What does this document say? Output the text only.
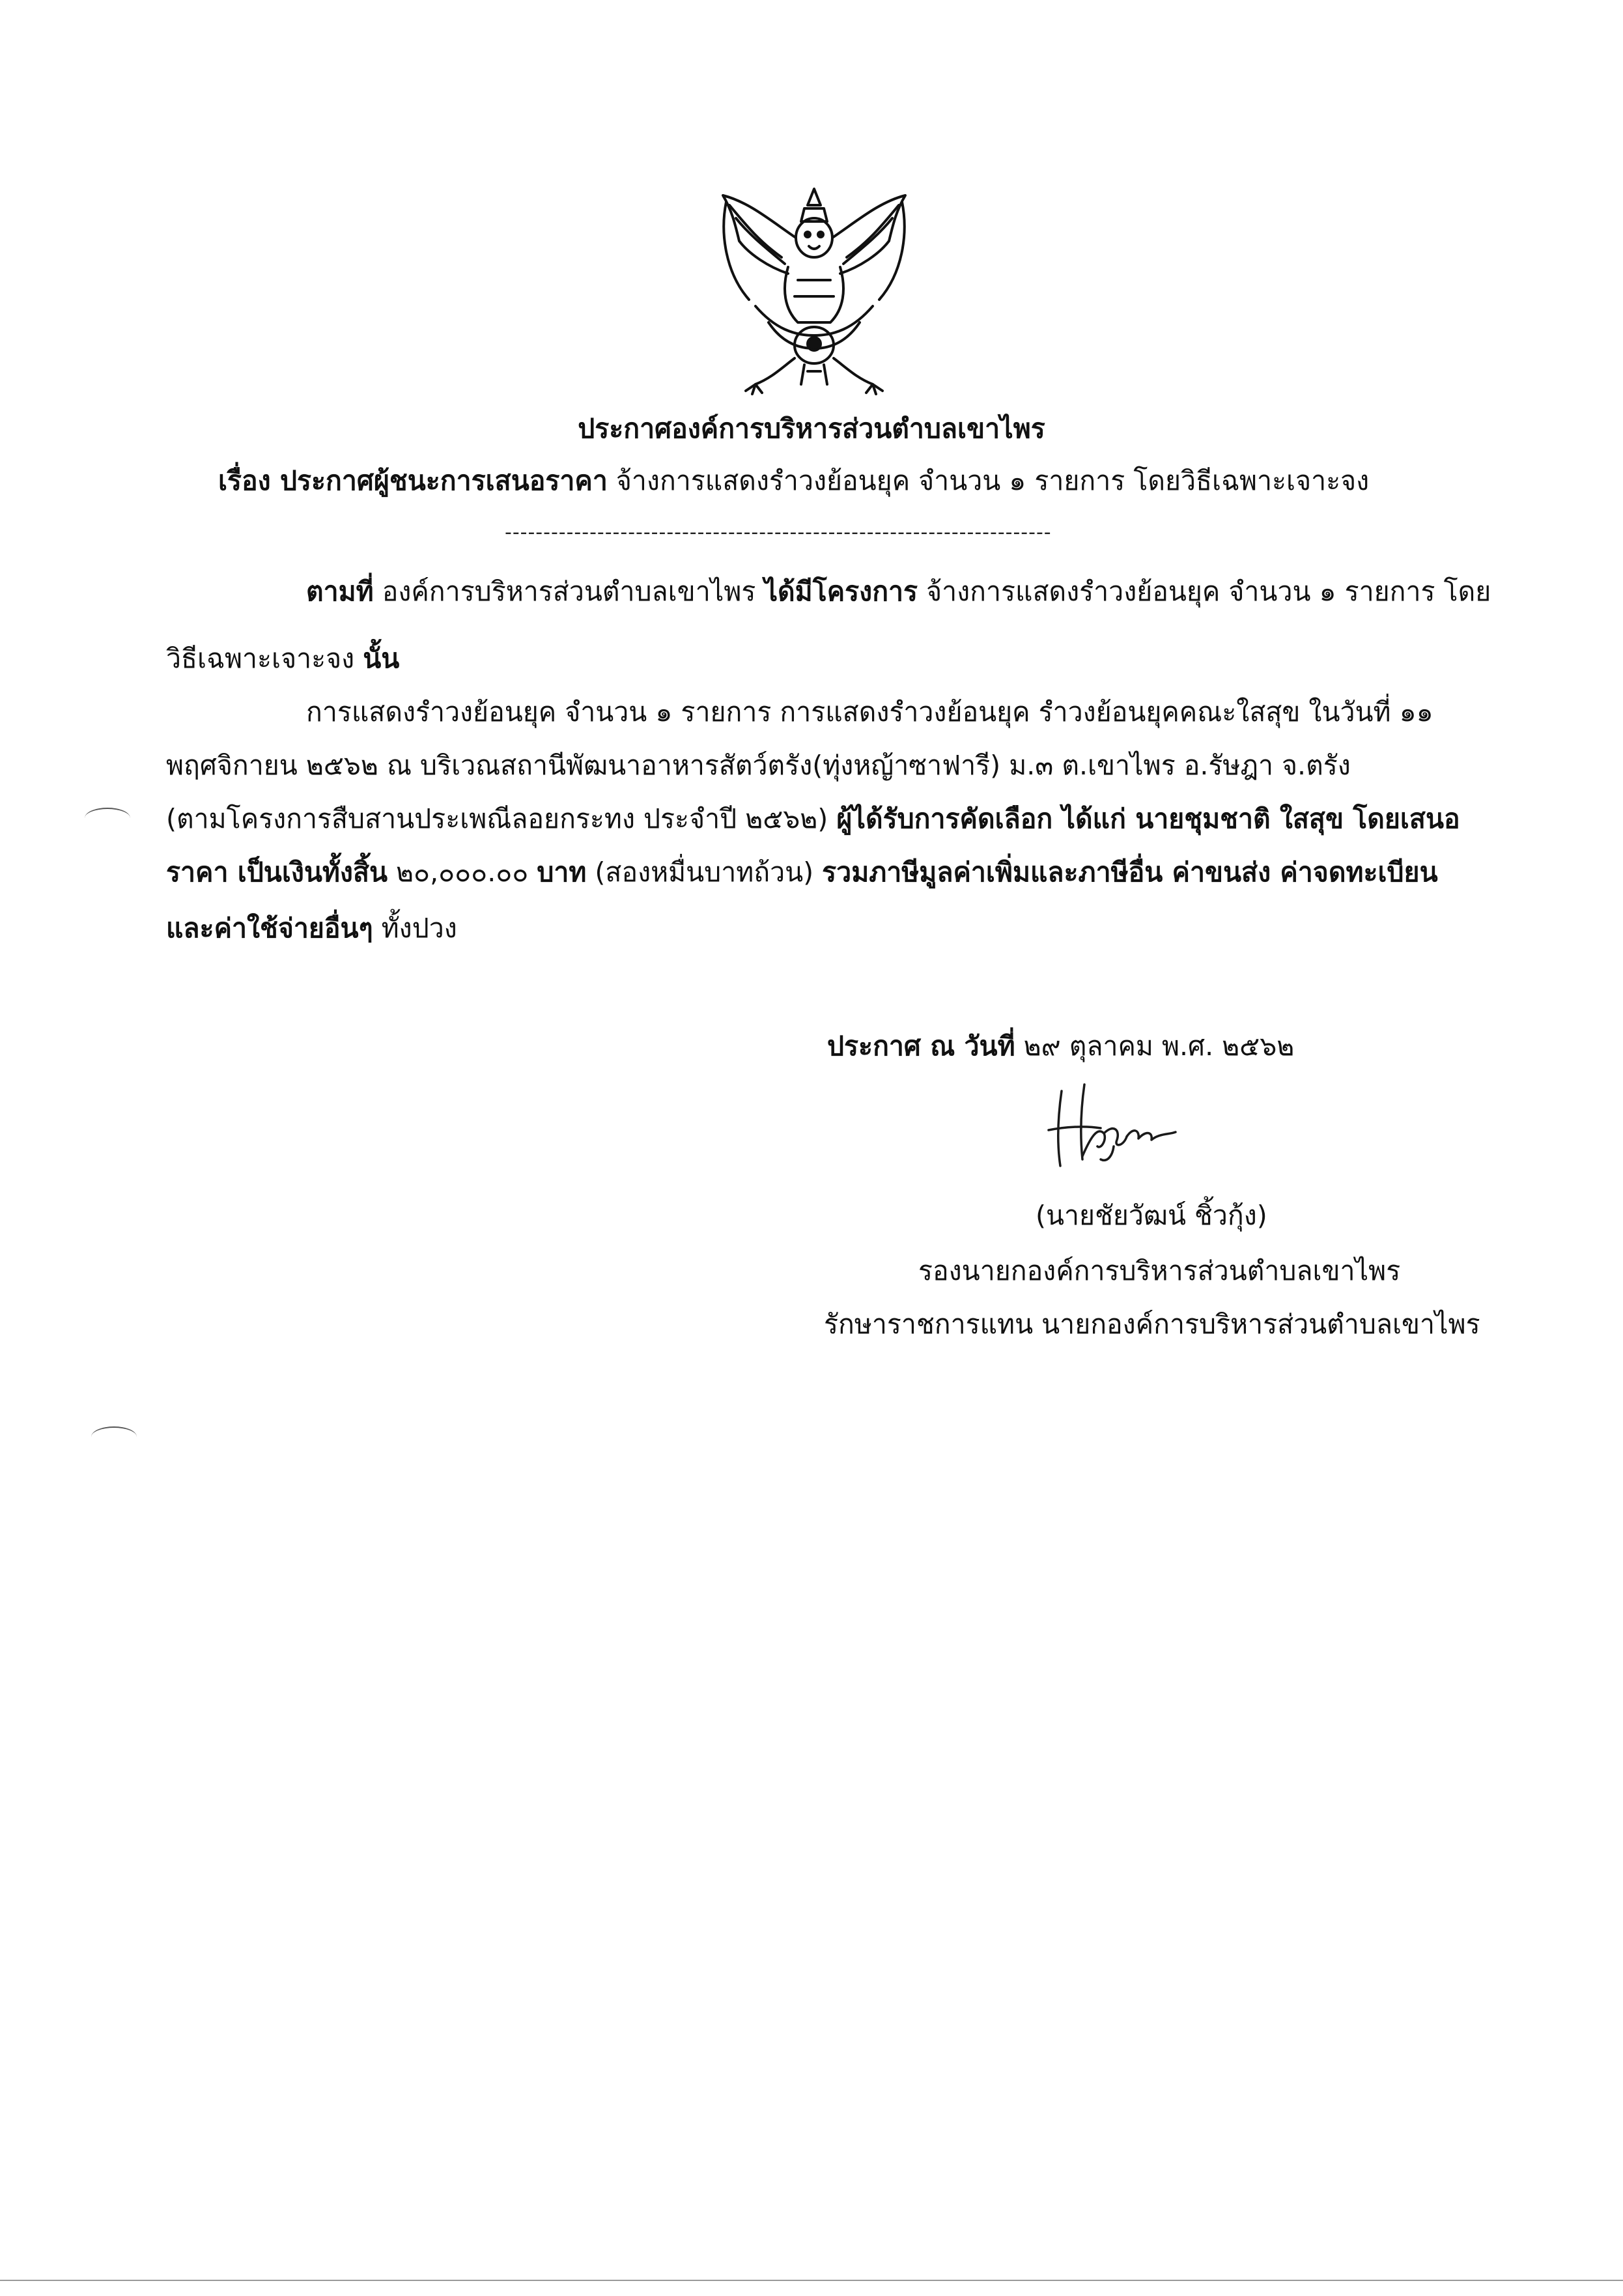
ประกาศองค์การบริหารส่วนตำบลเขาไพร
เรื่อง ประกาศผู้ชนะการเสนอราคา จ้างการแสดงรำวงย้อนยุค จำนวน ๑ รายการ โดยวิธีเฉพาะเจาะจง
-----------------------------------------------------------------------
ตามที่ องค์การบริหารส่วนตำบลเขาไพร ได้มีโครงการ จ้างการแสดงรำวงย้อนยุค จำนวน ๑ รายการ โดย
วิธีเฉพาะเจาะจง นั้น
การแสดงรำวงย้อนยุค จำนวน ๑ รายการ การแสดงรำวงย้อนยุค รำวงย้อนยุคคณะใสสุข ในวันที่ ๑๑
พฤศจิกายน ๒๕๖๒ ณ บริเวณสถานีพัฒนาอาหารสัตว์ตรัง(ทุ่งหญ้าซาฟารี) ม.๓ ต.เขาไพร อ.รัษฎา จ.ตรัง
(ตามโครงการสืบสานประเพณีลอยกระทง ประจำปี ๒๕๖๒) ผู้ได้รับการคัดเลือก ได้แก่ นายชุมชาติ ใสสุข โดยเสนอ
ราคา เป็นเงินทั้งสิ้น ๒๐,๐๐๐.๐๐ บาท (สองหมื่นบาทถ้วน) รวมภาษีมูลค่าเพิ่มและภาษีอื่น ค่าขนส่ง ค่าจดทะเบียน
และค่าใช้จ่ายอื่นๆ ทั้งปวง
ประกาศ ณ วันที่ ๒๙ ตุลาคม พ.ศ. ๒๕๖๒
(นายชัยวัฒน์ ชิ้วกุ้ง)
รองนายกองค์การบริหารส่วนตำบลเขาไพร
รักษาราชการแทน นายกองค์การบริหารส่วนตำบลเขาไพร
